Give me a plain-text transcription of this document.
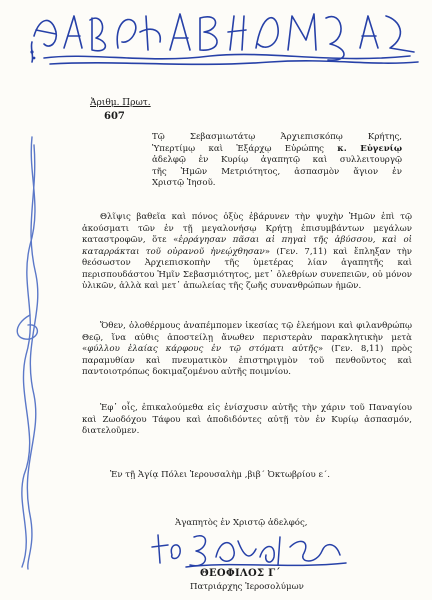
Ἀριθμ. Πρωτ.
607
Τῷ Σεβασμιωτάτῳ Ἀρχιεπισκόπῳ Κρήτης,
Ὑπερτίμῳ καὶ Ἐξάρχῳ Εὐρώπης κ. Εὐγενίῳ
ἀδελφῷ ἐν Κυρίῳ ἀγαπητῷ καὶ συλλειτουργῷ
τῆς Ἡμῶν Μετριότητος, ἀσπασμὸν ἅγιον ἐν
Χριστῷ Ἰησοῦ.
Θλῖψις βαθεῖα καὶ πόνος ὀξὺς ἐβάρυνεν τὴν ψυχὴν Ἡμῶν ἐπὶ τῷ ἀκούσματι τῶν ἐν τῇ μεγαλονήσῳ Κρήτῃ ἐπισυμβάντων μεγάλων καταστροφῶν, ὅτε «ἐρράγησαν πᾶσαι αἱ πηγαὶ τῆς ἀβύσσου, καὶ οἱ καταρράκται τοῦ οὐρανοῦ ἠνεῴχθησαν» (Γεν. 7,11) καὶ ἔπληξαν τὴν θεόσωστον Ἀρχιεπισκοπὴν τῆς ὑμετέρας λίαν ἀγαπητῆς καὶ περισπουδάστου Ἡμῖν Σεβασμιότητος, μετ᾽ ὀλεθρίων συνεπειῶν, οὐ μόνον ὑλικῶν, ἀλλὰ καὶ μετ᾽ ἀπωλείας τῆς ζωῆς συνανθρώπων ἡμῶν.
Ὅθεν, ὁλοθέρμους ἀναπέμπομεν ἱκεσίας τῷ ἐλεήμονι καὶ φιλανθρώπῳ Θεῷ, ἵνα αὐθις ἀποστείλῃ ἄνωθεν περιστερὰν παρακλητικὴν μετὰ «φύλλου ἐλαίας κάρφους ἐν τῷ στόματι αὐτῆς» (Γεν. 8,11) πρὸς παραμυθίαν καὶ πνευματικὸν ἐπιστηριγμὸν τοῦ πενθοῦντος καὶ παντοιοτρόπως δοκιμαζομένου αὐτῆς ποιμνίου.
Ἐφ᾽ οἷς, ἐπικαλούμεθα εἰς ἐνίσχυσιν αὐτῆς τὴν χάριν τοῦ Παναγίου καὶ Ζωοδόχου Τάφου καὶ ἀποδιδόντες αὐτῇ τὸν ἐν Κυρίῳ ἀσπασμόν, διατελοῦμεν.
Ἐν τῇ Ἁγίᾳ Πόλει Ἱερουσαλὴμ ,βιβ´ Ὀκτωβρίου ε´.
Ἀγαπητὸς ἐν Χριστῷ ἀδελφός,
ΘΕΟΦΙΛΟΣ Γ´
Πατριάρχης Ἱεροσολύμων
